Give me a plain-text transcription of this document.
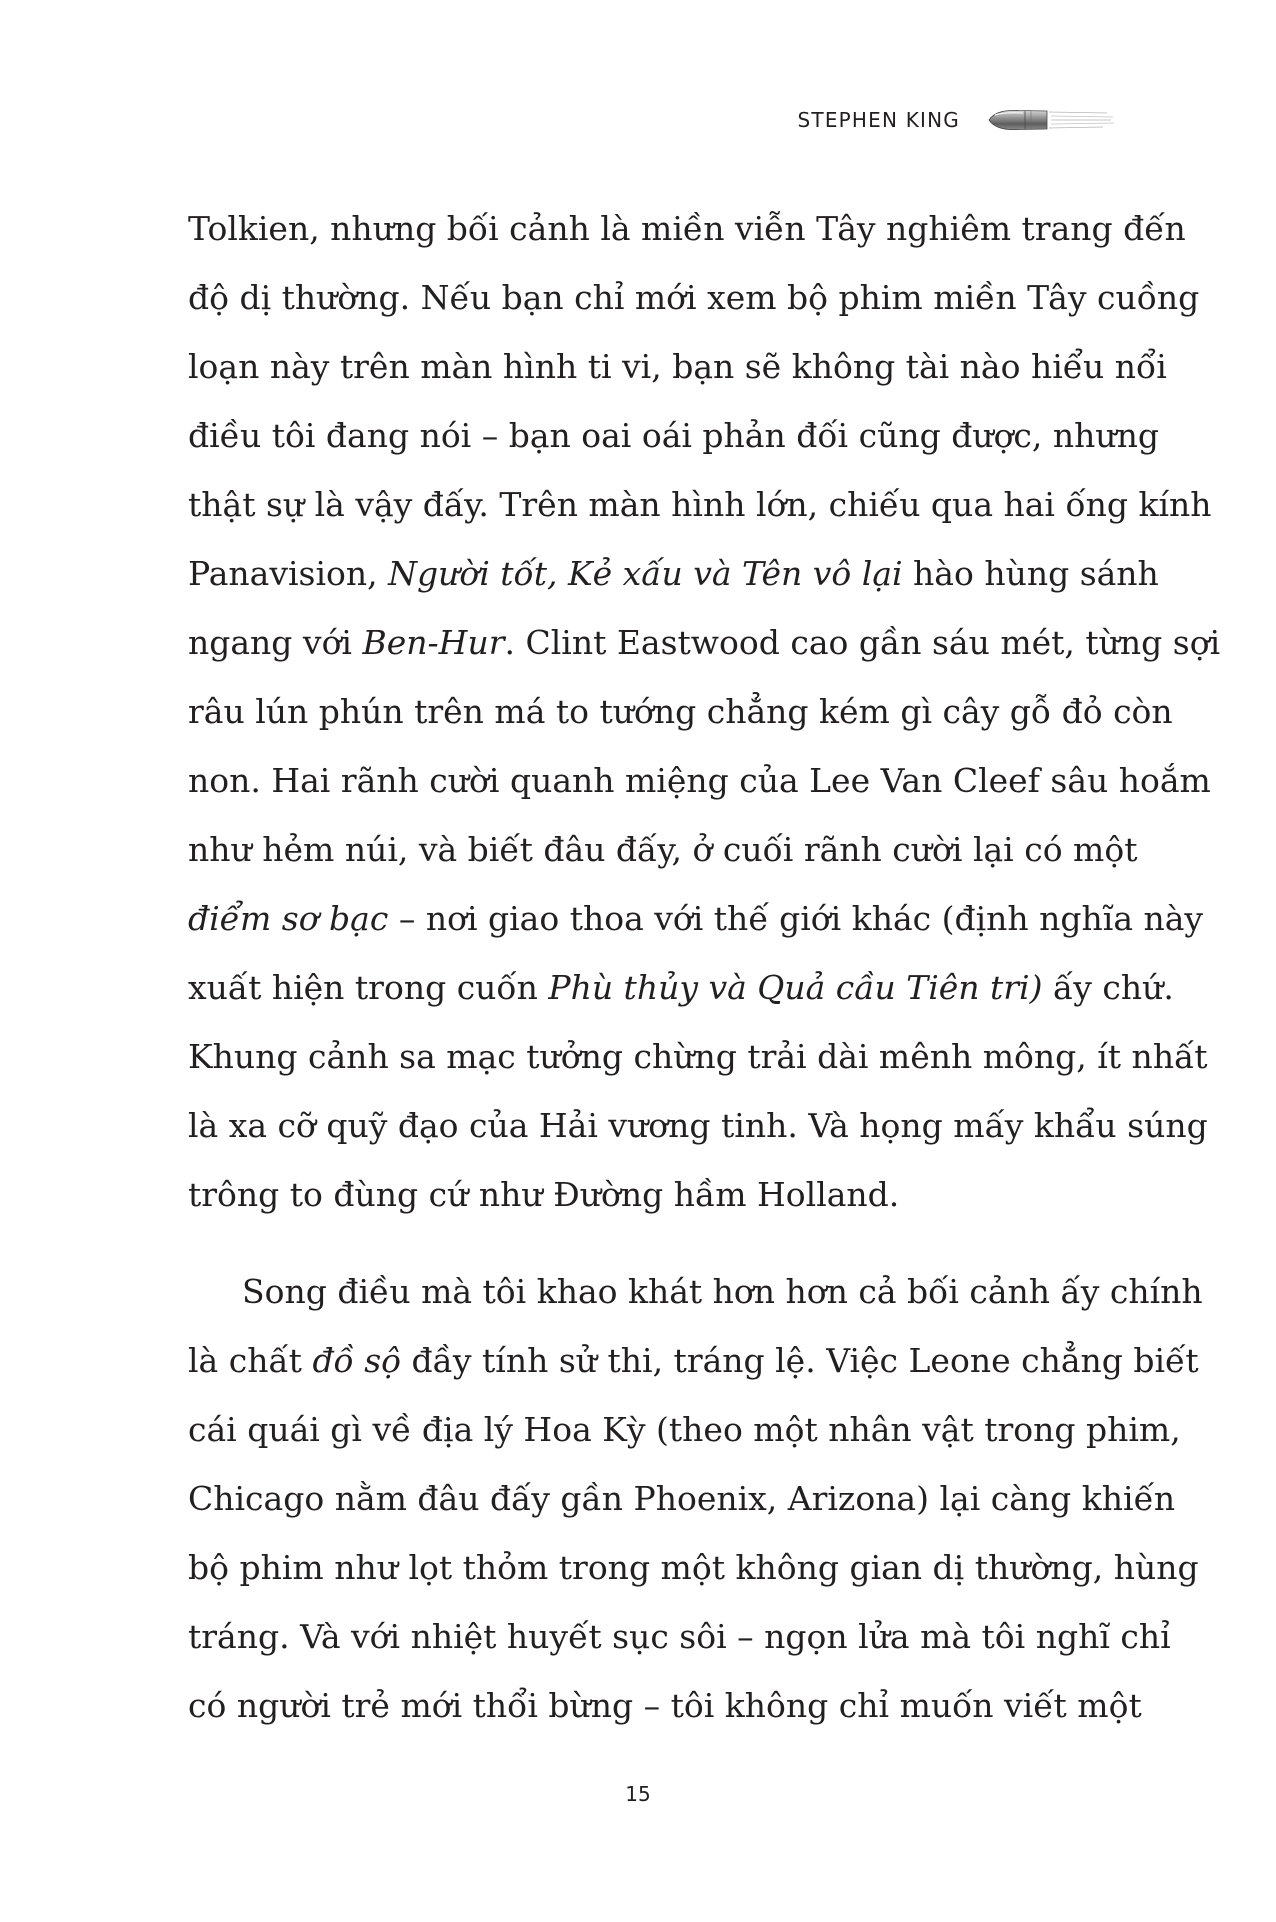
STEPHEN KING
Tolkien, nhưng bối cảnh là miền viễn Tây nghiêm trang đến
độ dị thường. Nếu bạn chỉ mới xem bộ phim miền Tây cuồng
loạn này trên màn hình ti vi, bạn sẽ không tài nào hiểu nổi
điều tôi đang nói – bạn oai oái phản đối cũng được, nhưng
thật sự là vậy đấy. Trên màn hình lớn, chiếu qua hai ống kính
Panavision, Người tốt, Kẻ xấu và Tên vô lại hào hùng sánh
ngang với Ben-Hur. Clint Eastwood cao gần sáu mét, từng sợi
râu lún phún trên má to tướng chẳng kém gì cây gỗ đỏ còn
non. Hai rãnh cười quanh miệng của Lee Van Cleef sâu hoắm
như hẻm núi, và biết đâu đấy, ở cuối rãnh cười lại có một
điểm sơ bạc – nơi giao thoa với thế giới khác (định nghĩa này
xuất hiện trong cuốn Phù thủy và Quả cầu Tiên tri) ấy chứ.
Khung cảnh sa mạc tưởng chừng trải dài mênh mông, ít nhất
là xa cỡ quỹ đạo của Hải vương tinh. Và họng mấy khẩu súng
trông to đùng cứ như Đường hầm Holland.
Song điều mà tôi khao khát hơn hơn cả bối cảnh ấy chính
là chất đồ sộ đầy tính sử thi, tráng lệ. Việc Leone chẳng biết
cái quái gì về địa lý Hoa Kỳ (theo một nhân vật trong phim,
Chicago nằm đâu đấy gần Phoenix, Arizona) lại càng khiến
bộ phim như lọt thỏm trong một không gian dị thường, hùng
tráng. Và với nhiệt huyết sục sôi – ngọn lửa mà tôi nghĩ chỉ
có người trẻ mới thổi bừng – tôi không chỉ muốn viết một
15
